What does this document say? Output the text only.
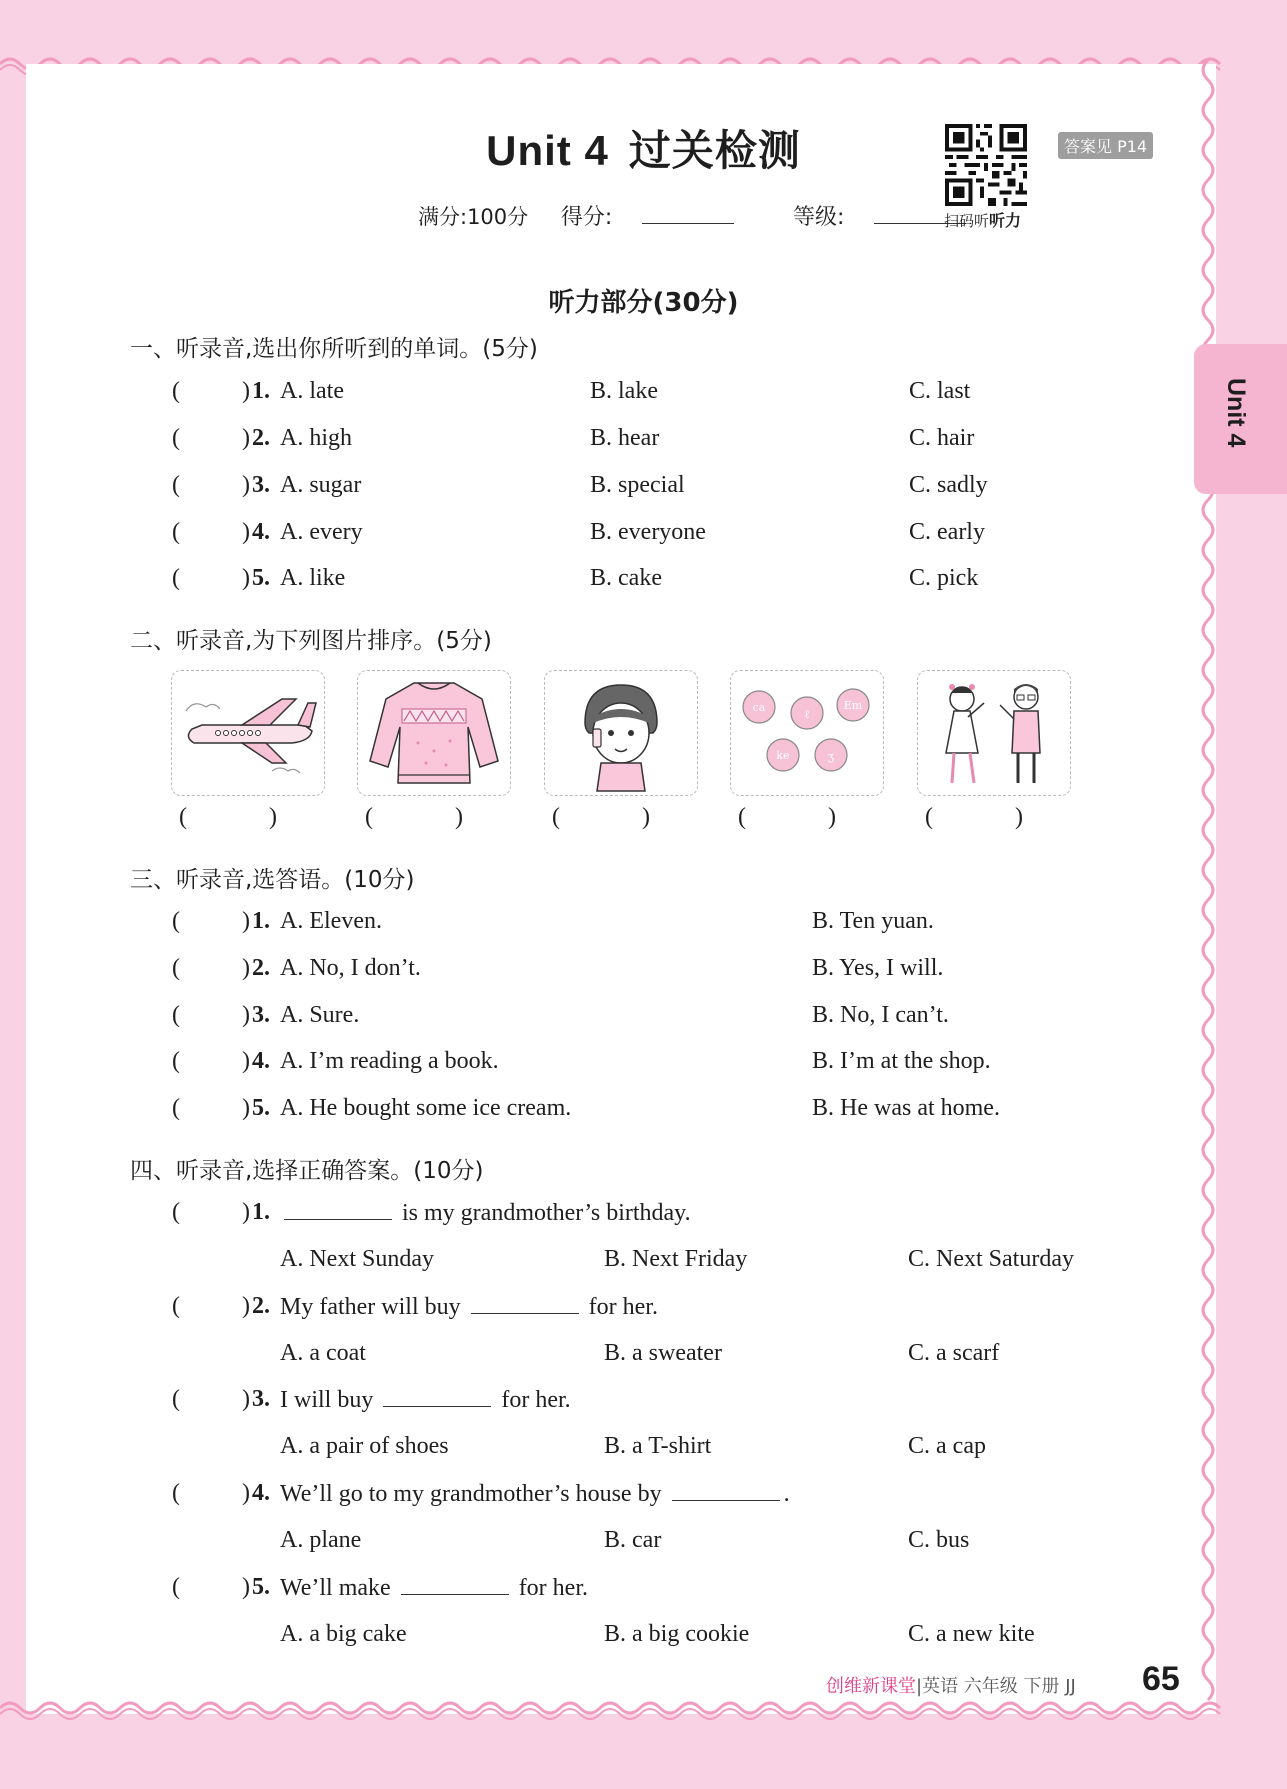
Unit 4 过关检测
满分:100分 得分:	等级:	扫码听听力
答案见 P14
Unit 4
听力部分(30分)
一、听录音,选出你所听到的单词。(5分)
(	) 1. A. late	B. lake	C. last
(	) 2. A. high	B. hear	C. hair
(	) 3. A. sugar	B. special	C. sadly
(	) 4. A. every	B. everyone	C. early
(	) 5. A. like	B. cake	C. pick
二、听录音,为下列图片排序。(5分)
ca
ℓ
Em
ke	ʒ
( )	( )	( )	( )	( )
三、听录音,选答语。(10分)
(	) 1. A. Eleven.	B. Ten yuan.
(	) 2. A. No, I don’t.	B. Yes, I will.
(	) 3. A. Sure.	B. No, I can’t.
(	) 4. A. I’m reading a book.	B. I’m at the shop.
(	) 5. A. He bought some ice cream.	B. He was at home.
四、听录音,选择正确答案。(10分)
(	) 1.	is my grandmother’s birthday.
A. Next Sunday	B. Next Friday	C. Next Saturday
(	) 2. My father will buy	for her.
A. a coat	B. a sweater	C. a scarf
(	) 3. I will buy	for her.
A. a pair of shoes	B. a T-shirt	C. a cap
(	) 4. We’ll go to my grandmother’s house by	.
A. plane	B. car	C. bus
(	) 5. We’ll make	for her.
A. a big cake	B. a big cookie	C. a new kite
创维新课堂|英语 六年级 下册 JJ 65
